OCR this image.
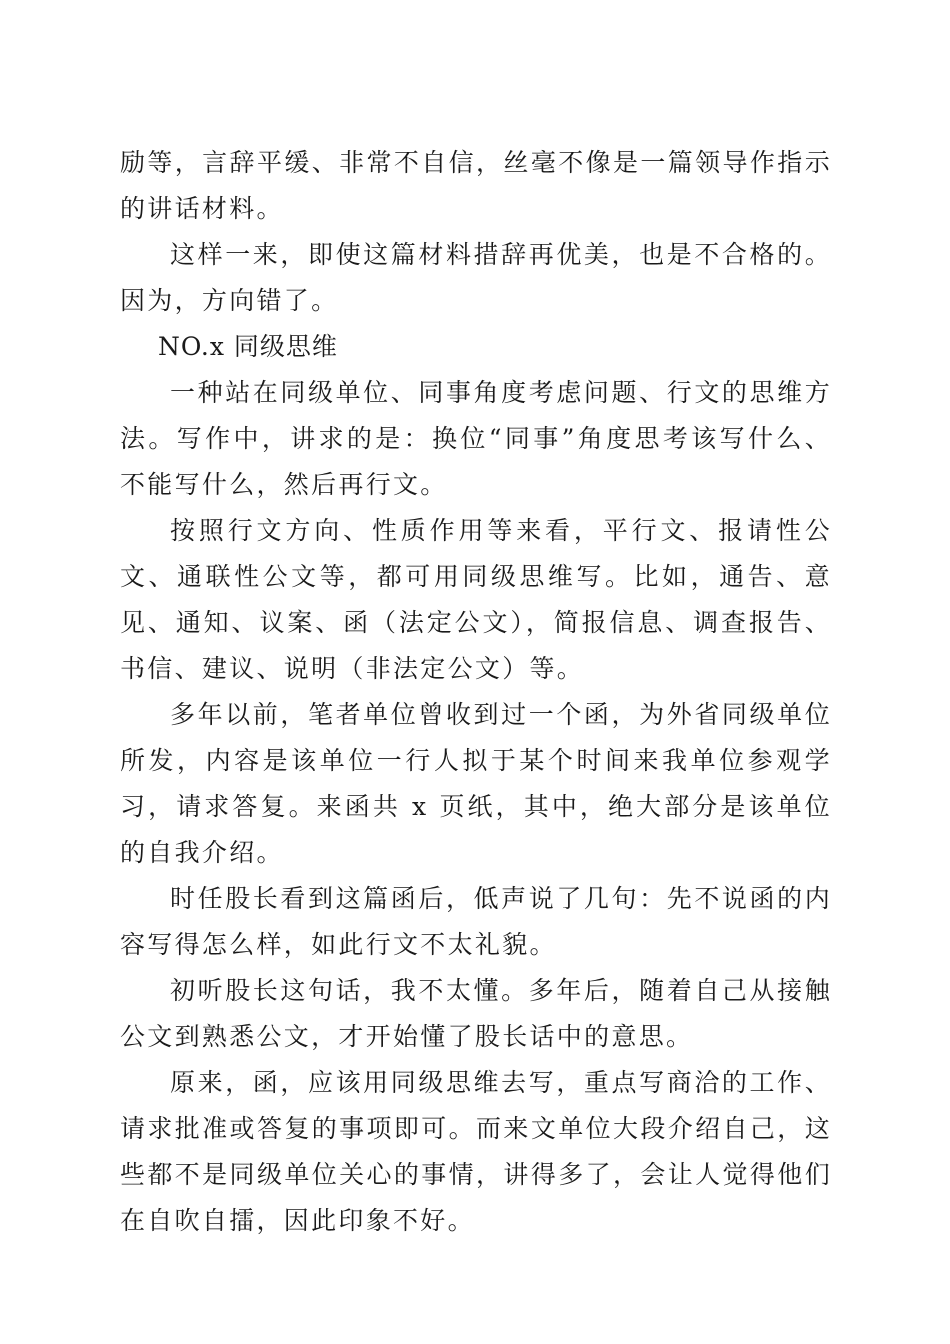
励等，言辞平缓、非常不自信，丝毫不像是一篇领导作指示的讲话材料。

这样一来，即使这篇材料措辞再优美，也是不合格的。因为，方向错了。

NO.x 同级思维

一种站在同级单位、同事角度考虑问题、行文的思维方法。写作中，讲求的是：换位“同事”角度思考该写什么、不能写什么，然后再行文。

按照行文方向、性质作用等来看，平行文、报请性公文、通联性公文等，都可用同级思维写。比如，通告、意见、通知、议案、函（法定公文），简报信息、调查报告、书信、建议、说明（非法定公文）等。

多年以前，笔者单位曾收到过一个函，为外省同级单位所发，内容是该单位一行人拟于某个时间来我单位参观学习，请求答复。来函共 x 页纸，其中，绝大部分是该单位的自我介绍。

时任股长看到这篇函后，低声说了几句：先不说函的内容写得怎么样，如此行文不太礼貌。

初听股长这句话，我不太懂。多年后，随着自己从接触公文到熟悉公文，才开始懂了股长话中的意思。

原来，函，应该用同级思维去写，重点写商洽的工作、请求批准或答复的事项即可。而来文单位大段介绍自己，这些都不是同级单位关心的事情，讲得多了，会让人觉得他们在自吹自擂，因此印象不好。
